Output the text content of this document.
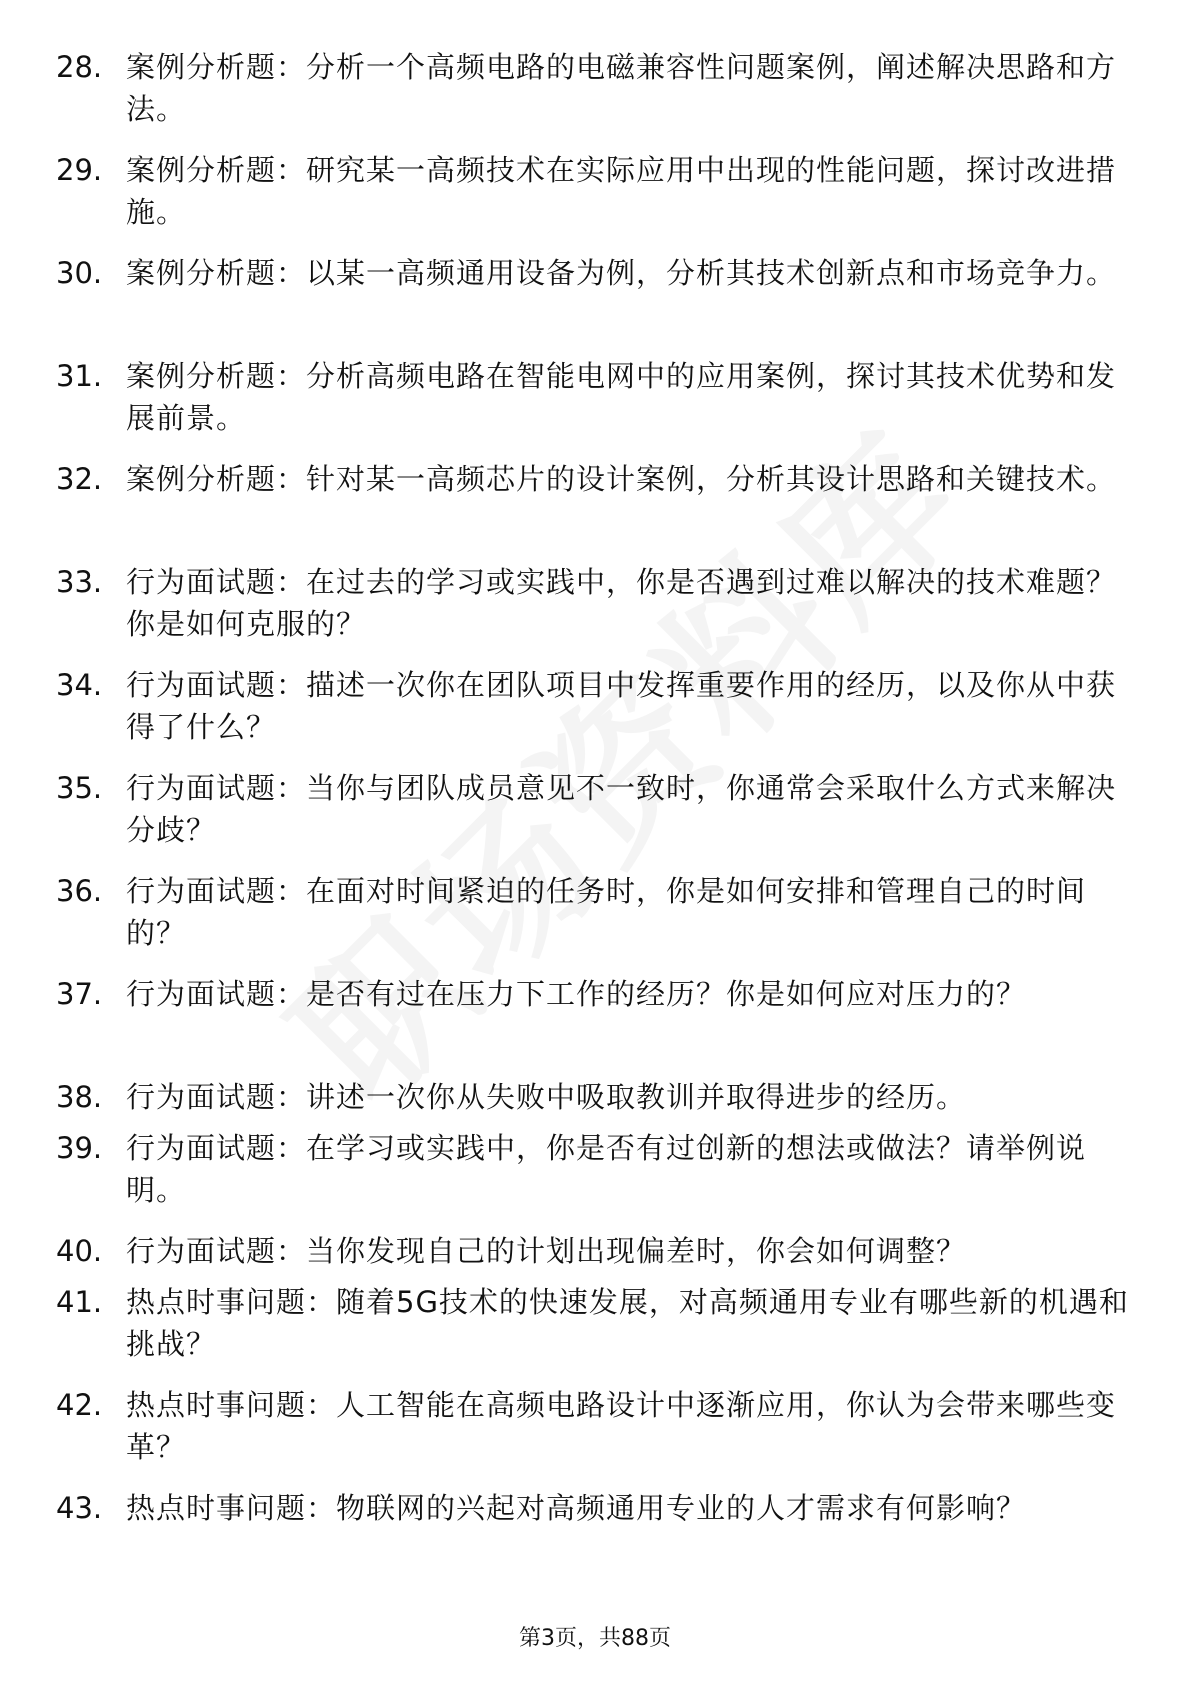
28. 案例分析题：分析一个高频电路的电磁兼容性问题案例，阐述解决思路和方法。
29. 案例分析题：研究某一高频技术在实际应用中出现的性能问题，探讨改进措施。
30. 案例分析题：以某一高频通用设备为例，分析其技术创新点和市场竞争力。
31. 案例分析题：分析高频电路在智能电网中的应用案例，探讨其技术优势和发展前景。
32. 案例分析题：针对某一高频芯片的设计案例，分析其设计思路和关键技术。
33. 行为面试题：在过去的学习或实践中，你是否遇到过难以解决的技术难题？你是如何克服的？
34. 行为面试题：描述一次你在团队项目中发挥重要作用的经历，以及你从中获得了什么？
35. 行为面试题：当你与团队成员意见不一致时，你通常会采取什么方式来解决分歧？
36. 行为面试题：在面对时间紧迫的任务时，你是如何安排和管理自己的时间的？
37. 行为面试题：是否有过在压力下工作的经历？你是如何应对压力的？
38. 行为面试题：讲述一次你从失败中吸取教训并取得进步的经历。
39. 行为面试题：在学习或实践中，你是否有过创新的想法或做法？请举例说明。
40. 行为面试题：当你发现自己的计划出现偏差时，你会如何调整？
41. 热点时事问题：随着5G技术的快速发展，对高频通用专业有哪些新的机遇和挑战？
42. 热点时事问题：人工智能在高频电路设计中逐渐应用，你认为会带来哪些变革？
43. 热点时事问题：物联网的兴起对高频通用专业的人才需求有何影响？
第3页，共88页
